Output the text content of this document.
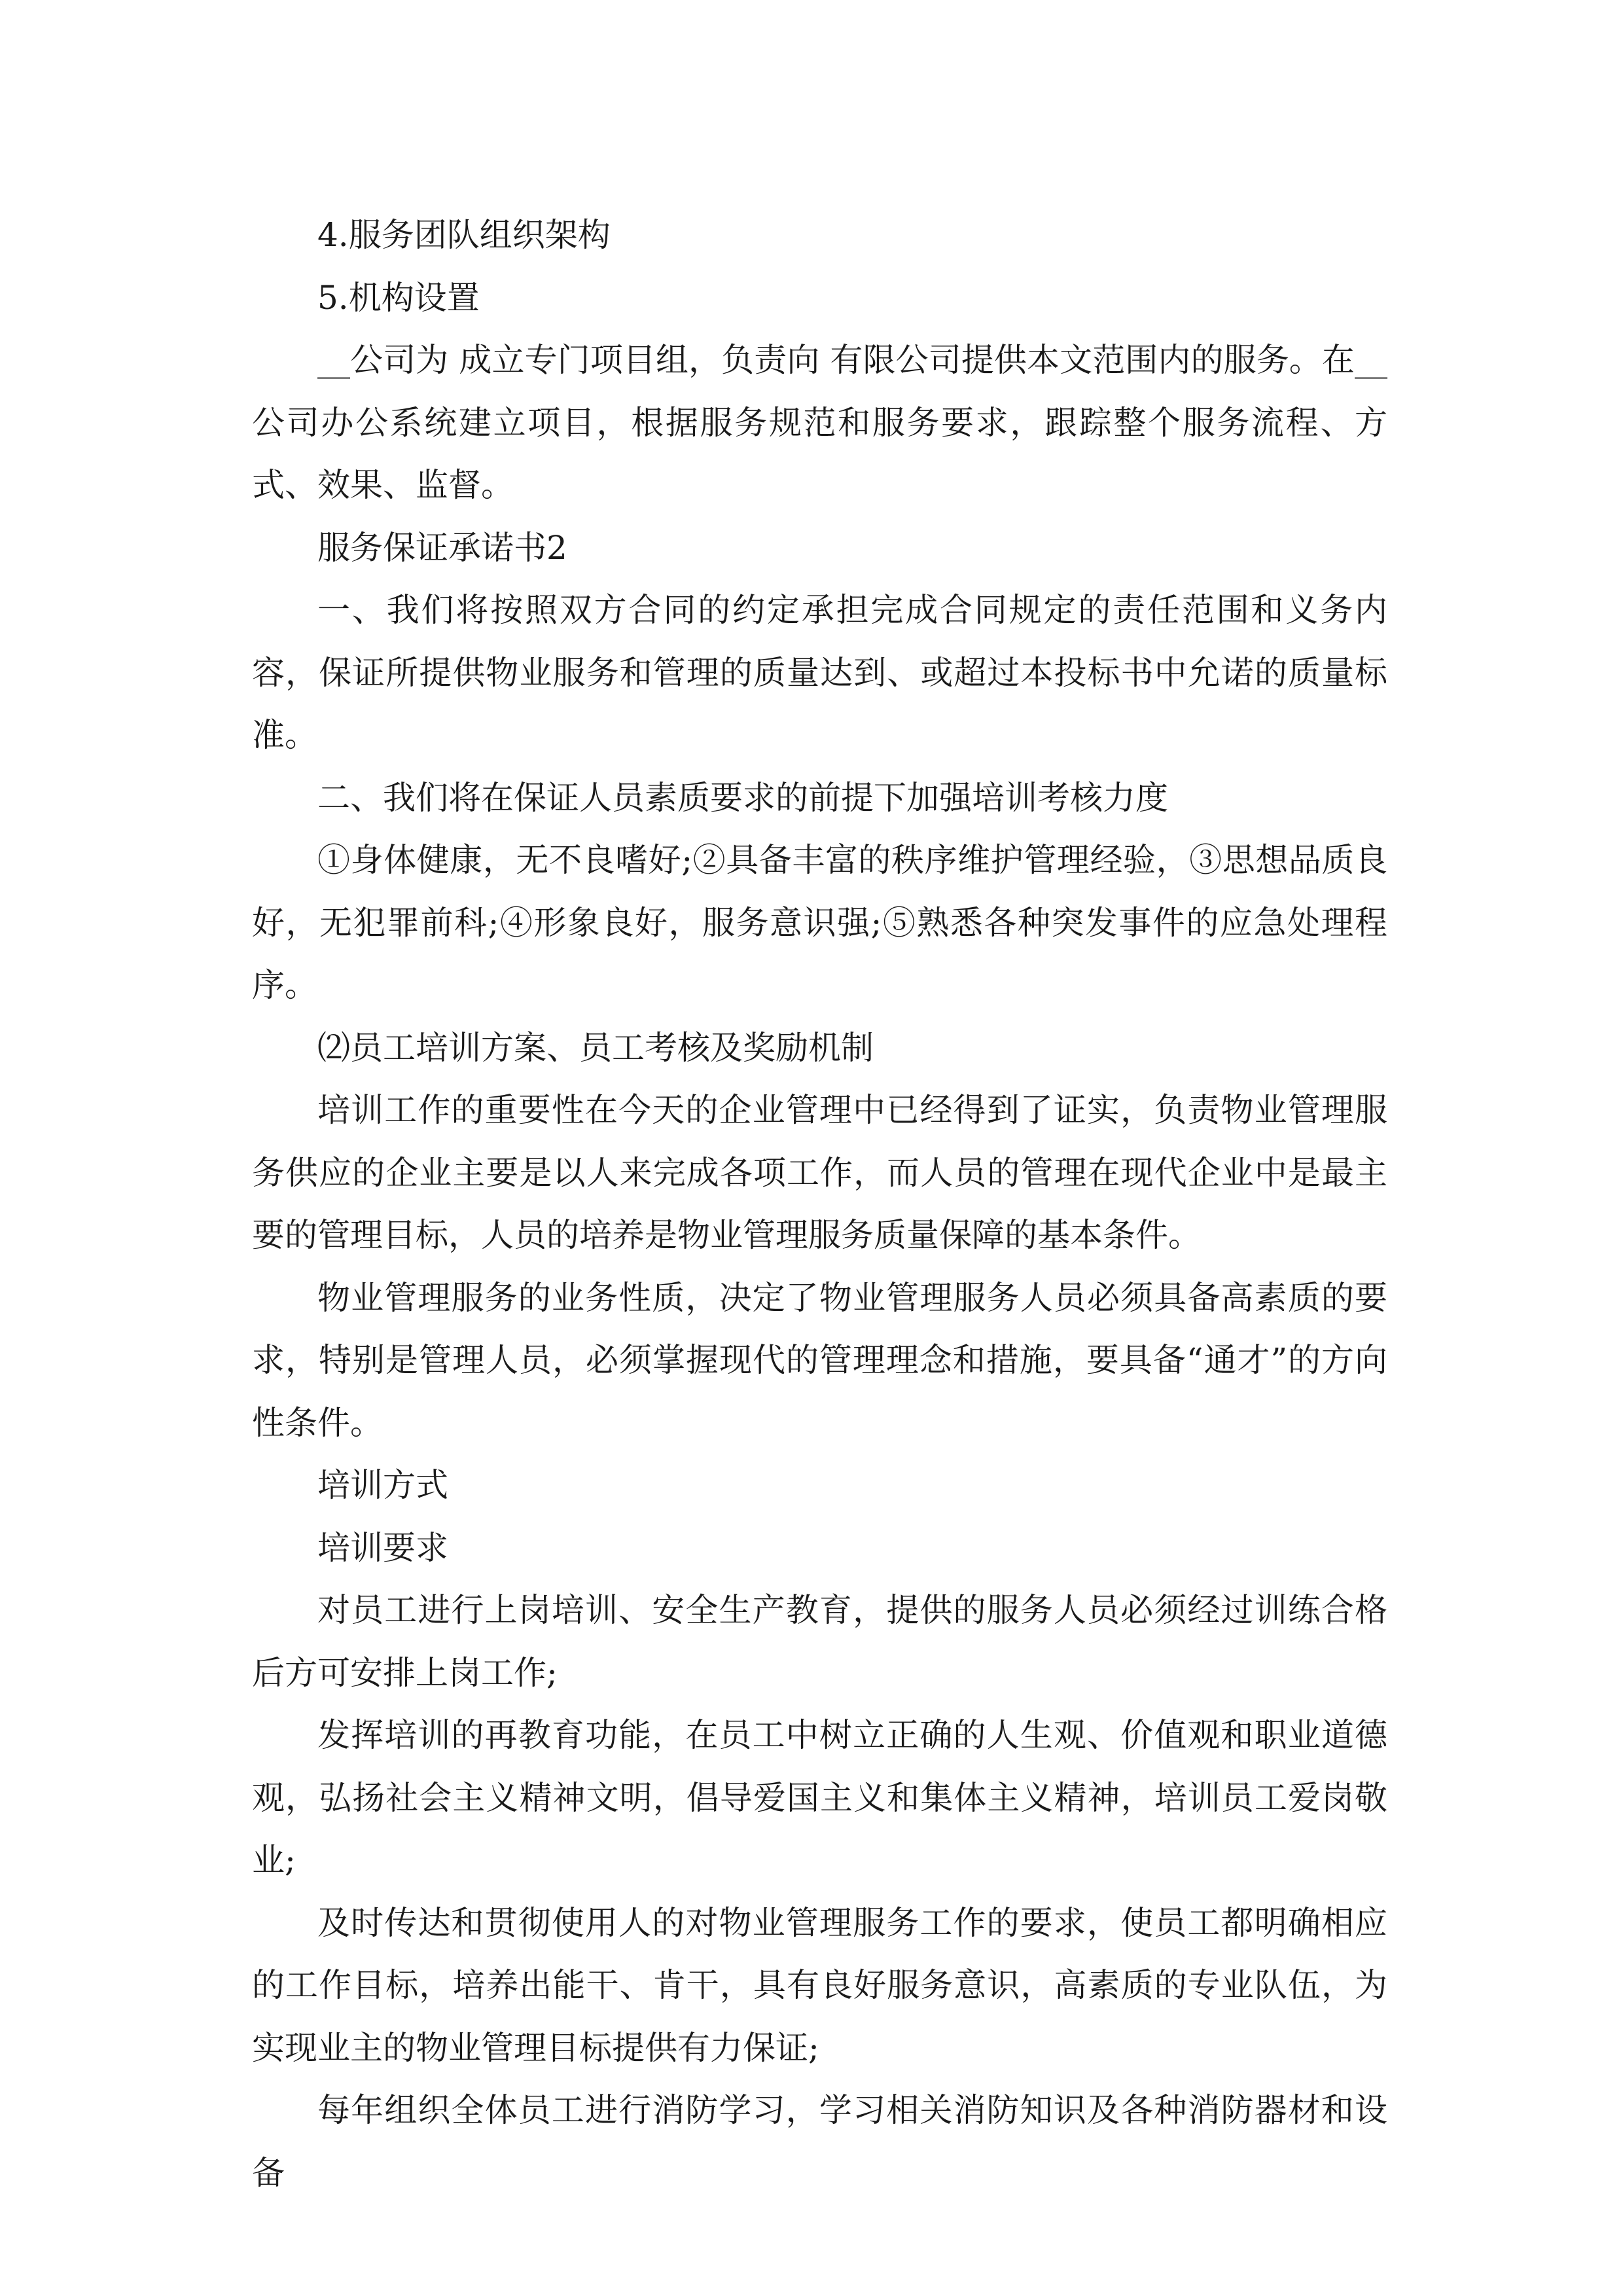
4.服务团队组织架构

5.机构设置

__公司为 成立专门项目组，负责向 有限公司提供本文范围内的服务。在__公司办公系统建立项目，根据服务规范和服务要求，跟踪整个服务流程、方式、效果、监督。

服务保证承诺书2

一、我们将按照双方合同的约定承担完成合同规定的责任范围和义务内容，保证所提供物业服务和管理的质量达到、或超过本投标书中允诺的质量标准。

二、我们将在保证人员素质要求的前提下加强培训考核力度

①身体健康，无不良嗜好;②具备丰富的秩序维护管理经验，③思想品质良好，无犯罪前科;④形象良好，服务意识强;⑤熟悉各种突发事件的应急处理程序。

⑵员工培训方案、员工考核及奖励机制

培训工作的重要性在今天的企业管理中已经得到了证实，负责物业管理服务供应的企业主要是以人来完成各项工作，而人员的管理在现代企业中是最主要的管理目标，人员的培养是物业管理服务质量保障的基本条件。

物业管理服务的业务性质，决定了物业管理服务人员必须具备高素质的要求，特别是管理人员，必须掌握现代的管理理念和措施，要具备“通才”的方向性条件。

培训方式

培训要求

对员工进行上岗培训、安全生产教育，提供的服务人员必须经过训练合格后方可安排上岗工作;

发挥培训的再教育功能，在员工中树立正确的人生观、价值观和职业道德观，弘扬社会主义精神文明，倡导爱国主义和集体主义精神，培训员工爱岗敬业;

及时传达和贯彻使用人的对物业管理服务工作的要求，使员工都明确相应的工作目标，培养出能干、肯干，具有良好服务意识，高素质的专业队伍，为实现业主的物业管理目标提供有力保证;

每年组织全体员工进行消防学习，学习相关消防知识及各种消防器材和设备
